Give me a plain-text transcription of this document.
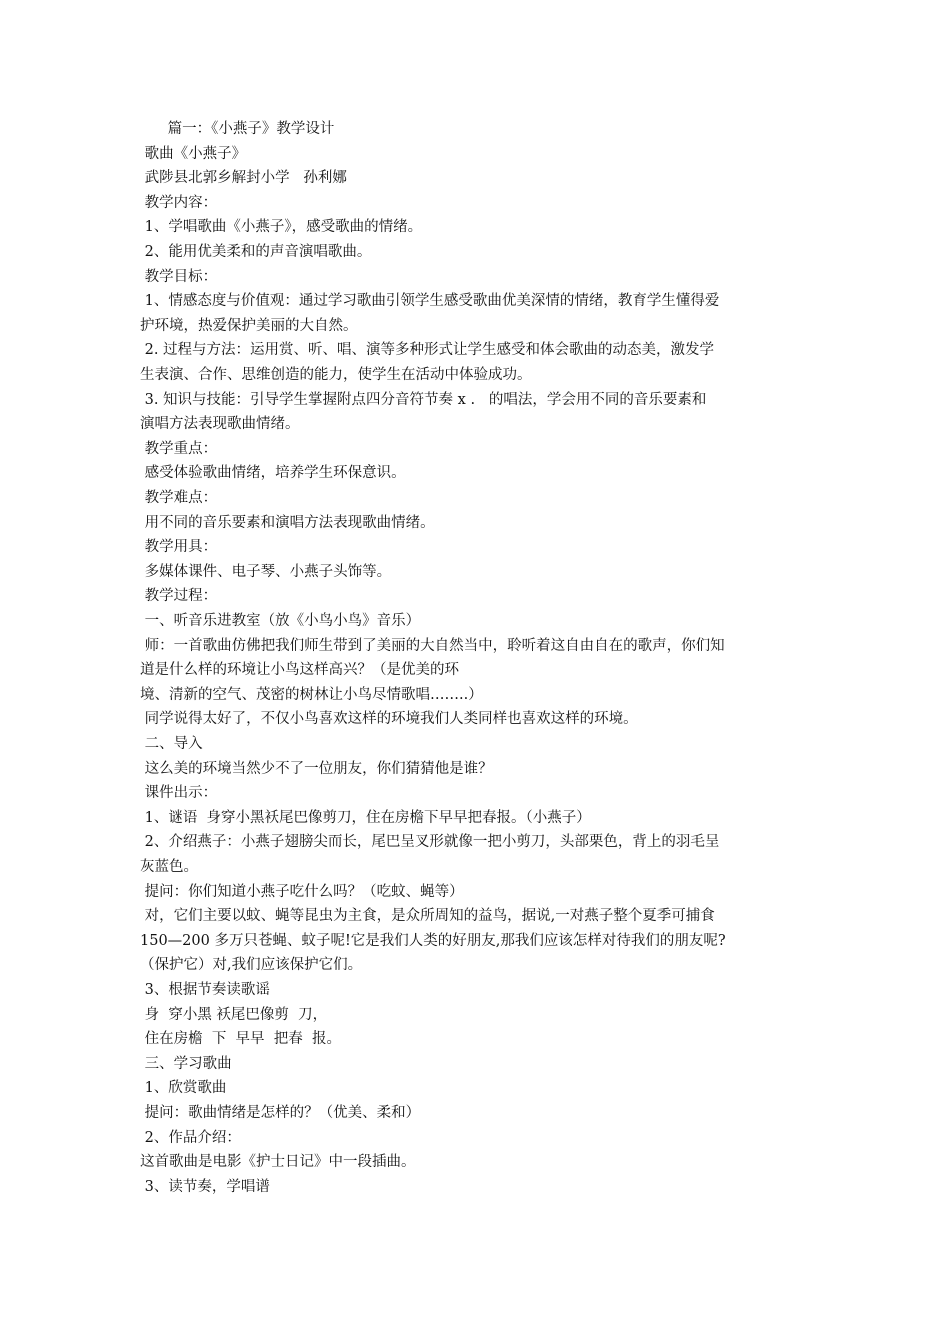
篇一：《小燕子》教学设计
歌曲《小燕子》
武陟县北郭乡解封小学   孙利娜
教学内容：
1、学唱歌曲《小燕子》，感受歌曲的情绪。
2、能用优美柔和的声音演唱歌曲。
教学目标：
1、情感态度与价值观：通过学习歌曲引领学生感受歌曲优美深情的情绪，教育学生懂得爱
护环境，热爱保护美丽的大自然。
2. 过程与方法：运用赏、听、唱、演等多种形式让学生感受和体会歌曲的动态美，激发学
生表演、合作、思维创造的能力，使学生在活动中体验成功。
3. 知识与技能：引导学生掌握附点四分音符节奏 x .   的唱法，学会用不同的音乐要素和
演唱方法表现歌曲情绪。
教学重点：
感受体验歌曲情绪，培养学生环保意识。
教学难点：
用不同的音乐要素和演唱方法表现歌曲情绪。
教学用具：
多媒体课件、电子琴、小燕子头饰等。
教学过程：
一、听音乐进教室（放《小鸟小鸟》音乐）
师：一首歌曲仿佛把我们师生带到了美丽的大自然当中，聆听着这自由自在的歌声，你们知
道是什么样的环境让小鸟这样高兴？（是优美的环
境、清新的空气、茂密的树林让小鸟尽情歌唱……..）
同学说得太好了，不仅小鸟喜欢这样的环境我们人类同样也喜欢这样的环境。
二、导入
这么美的环境当然少不了一位朋友，你们猜猜他是谁？
课件出示：
1、谜语  身穿小黑袄尾巴像剪刀，住在房檐下早早把春报。（小燕子）
2、介绍燕子：小燕子翅膀尖而长，尾巴呈叉形就像一把小剪刀，头部栗色，背上的羽毛呈
灰蓝色。
提问：你们知道小燕子吃什么吗？（吃蚊、蝇等）
对，它们主要以蚊、蝇等昆虫为主食，是众所周知的益鸟，据说,一对燕子整个夏季可捕食
150—200 多万只苍蝇、蚊子呢!它是我们人类的好朋友,那我们应该怎样对待我们的朋友呢?
（保护它）对,我们应该保护它们。
3、根据节奏读歌谣
身  穿小黑 袄尾巴像剪  刀，
住在房檐  下  早早  把春  报。
三、学习歌曲
1、欣赏歌曲
提问：歌曲情绪是怎样的？（优美、柔和）
2、作品介绍：
这首歌曲是电影《护士日记》中一段插曲。
3、读节奏，学唱谱
